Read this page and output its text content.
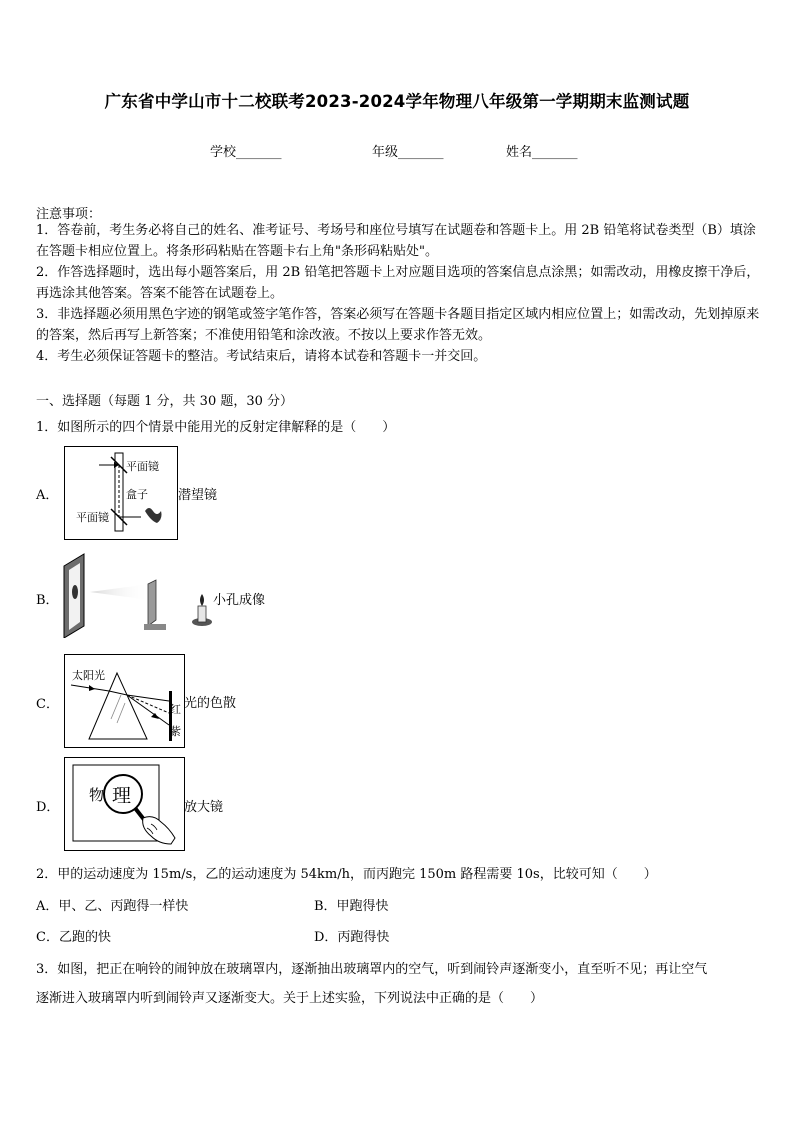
广东省中学山市十二校联考2023-2024学年物理八年级第一学期期末监测试题
学校_______	年级_______	姓名_______
注意事项：
1．答卷前，考生务必将自己的姓名、准考证号、考场号和座位号填写在试题卷和答题卡上。用 2B 铅笔将试卷类型（B）填涂在答题卡相应位置上。将条形码粘贴在答题卡右上角"条形码粘贴处"。
2．作答选择题时，选出每小题答案后，用 2B 铅笔把答题卡上对应题目选项的答案信息点涂黑；如需改动，用橡皮擦干净后，再选涂其他答案。答案不能答在试题卷上。
3．非选择题必须用黑色字迹的钢笔或签字笔作答，答案必须写在答题卡各题目指定区域内相应位置上；如需改动，先划掉原来的答案，然后再写上新答案；不准使用铅笔和涂改液。不按以上要求作答无效。
4．考生必须保证答题卡的整洁。考试结束后，请将本试卷和答题卡一并交回。
一、选择题（每题 1 分，共 30 题，30 分）
1．如图所示的四个情景中能用光的反射定律解释的是（　　）
A．
平面镜
盒子
平面镜
潜望镜
B．	小孔成像
C．
太阳光
红
紫
光的色散
D．
物 理
放大镜
2．甲的运动速度为 15m/s，乙的运动速度为 54km/h，而丙跑完 150m 路程需要 10s，比较可知（　　）
A．甲、乙、丙跑得一样快	B．甲跑得快
C．乙跑的快	D．丙跑得快
3．如图，把正在响铃的闹钟放在玻璃罩内，逐渐抽出玻璃罩内的空气，听到闹铃声逐渐变小，直至听不见；再让空气
逐渐进入玻璃罩内听到闹铃声又逐渐变大。关于上述实验，下列说法中正确的是（　　）
